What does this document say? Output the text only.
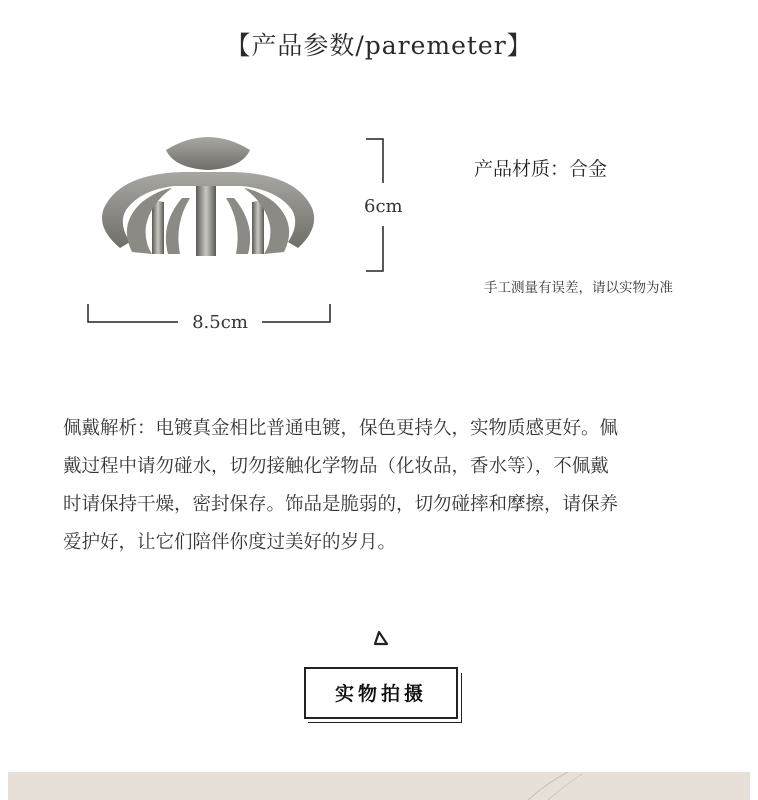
【产品参数/paremeter】
6cm
8.5cm
产品材质：合金
手工测量有误差，请以实物为准

佩戴解析：电镀真金相比普通电镀，保色更持久，实物质感更好。佩

戴过程中请勿碰水，切勿接触化学物品（化妆品，香水等），不佩戴

时请保持干燥，密封保存。饰品是脆弱的，切勿碰摔和摩擦，请保养

爱护好，让它们陪伴你度过美好的岁月。

实物拍摄
